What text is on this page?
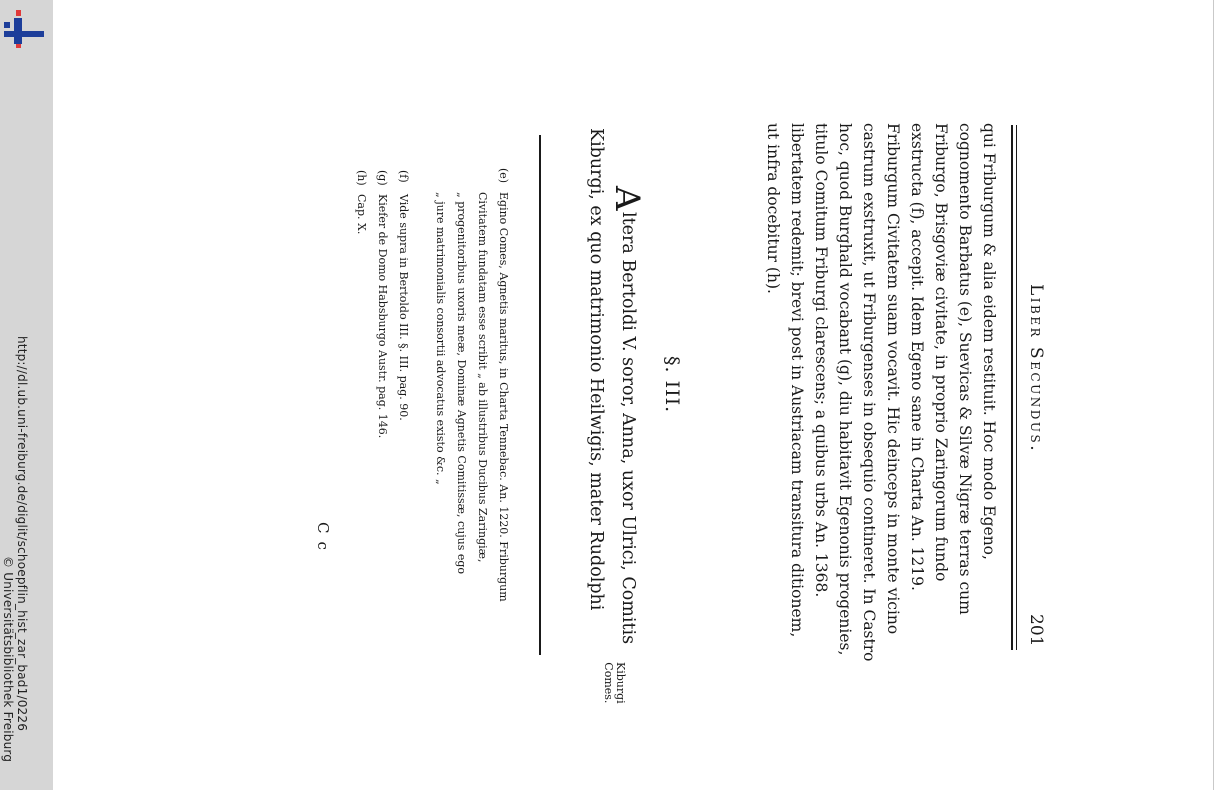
http://dl.ub.uni-freiburg.de/diglit/schoepflin_hist_zar_bad1/0226
© Universitätsbibliothek Freiburg	201
Liber Secundus.
qui Friburgum & alia eidem restituit. Hoc modo Egeno,
cognomento Barbatus (e), Suevicas & Silvæ Nigræ terras cum
Friburgo, Brisgoviæ civitate, in proprio Zaringorum fundo
exstructa (f), accepit. Idem Egeno sane in Charta An. 1219.
Friburgum Civitatem suam vocavit. Hic deinceps in monte vicino
castrum exstruxit, ut Friburgenses in obsequio contineret. In Castro
hoc, quod Burghald vocabant (g), diu habitavit Egenonis progenies,
titulo Comitum Friburgi clarescens; a quibus urbs An. 1368.
libertatem redemit; brevi post in Austriacam transitura ditionem,
ut infra docebitur (h).
§. III.
A
ltera Bertoldi V. soror, Anna, uxor Ulrici, Comitis
Kiburgi, ex quo matrimonio Heilwigis, mater Rudolphi
Kiburgi
Comes.
(e)
Egino Comes, Agnetis maritus, in Charta Tennebac. An. 1220. Friburgum
Civitatem fundatam esse scribit „ ab illustribus Ducibus Zaringiæ,
„ progenitoribus uxoris meæ, Dominæ Agnetis Comitissæ, cujus ego
„ jure matrimonialis consortii advocatus existo &c. „
(f)
Vide supra in Bertoldo III. §. III. pag. 90.
(g)
Kiefer de Domo Habsburgo Austr. pag. 146.
(h)
Cap. X.
Cc
